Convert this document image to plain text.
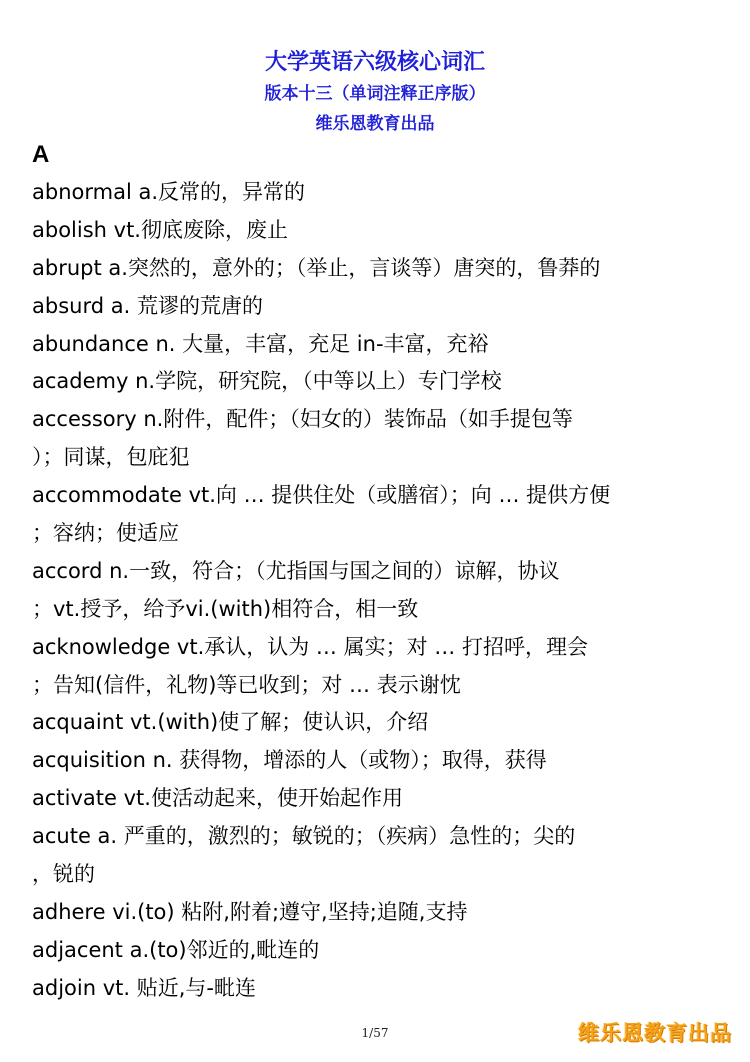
大学英语六级核心词汇
版本十三（单词注释正序版）
维乐恩教育出品
A
abnormal a.反常的，异常的
abolish vt.彻底废除，废止
abrupt a.突然的，意外的；（举止，言谈等）唐突的，鲁莽的
absurd a. 荒谬的荒唐的
abundance n. 大量，丰富，充足 in-丰富，充裕
academy n.学院，研究院，（中等以上）专门学校
accessory n.附件，配件；（妇女的）装饰品（如手提包等
）；同谋，包庇犯
accommodate vt.向 … 提供住处（或膳宿）；向 … 提供方便
；容纳；使适应
accord n.一致，符合；（尤指国与国之间的）谅解，协议
；vt.授予，给予vi.(with)相符合，相一致
acknowledge vt.承认，认为 … 属实；对 … 打招呼，理会
；告知(信件，礼物)等已收到；对 … 表示谢忱
acquaint vt.(with)使了解；使认识，介绍
acquisition n. 获得物，增添的人（或物）；取得，获得
activate vt.使活动起来，使开始起作用
acute a. 严重的，激烈的；敏锐的；（疾病）急性的；尖的
，锐的
adhere vi.(to) 粘附,附着;遵守,坚持;追随,支持
adjacent a.(to)邻近的,毗连的
adjoin vt. 贴近,与-毗连
1/57	维乐恩教育出品
